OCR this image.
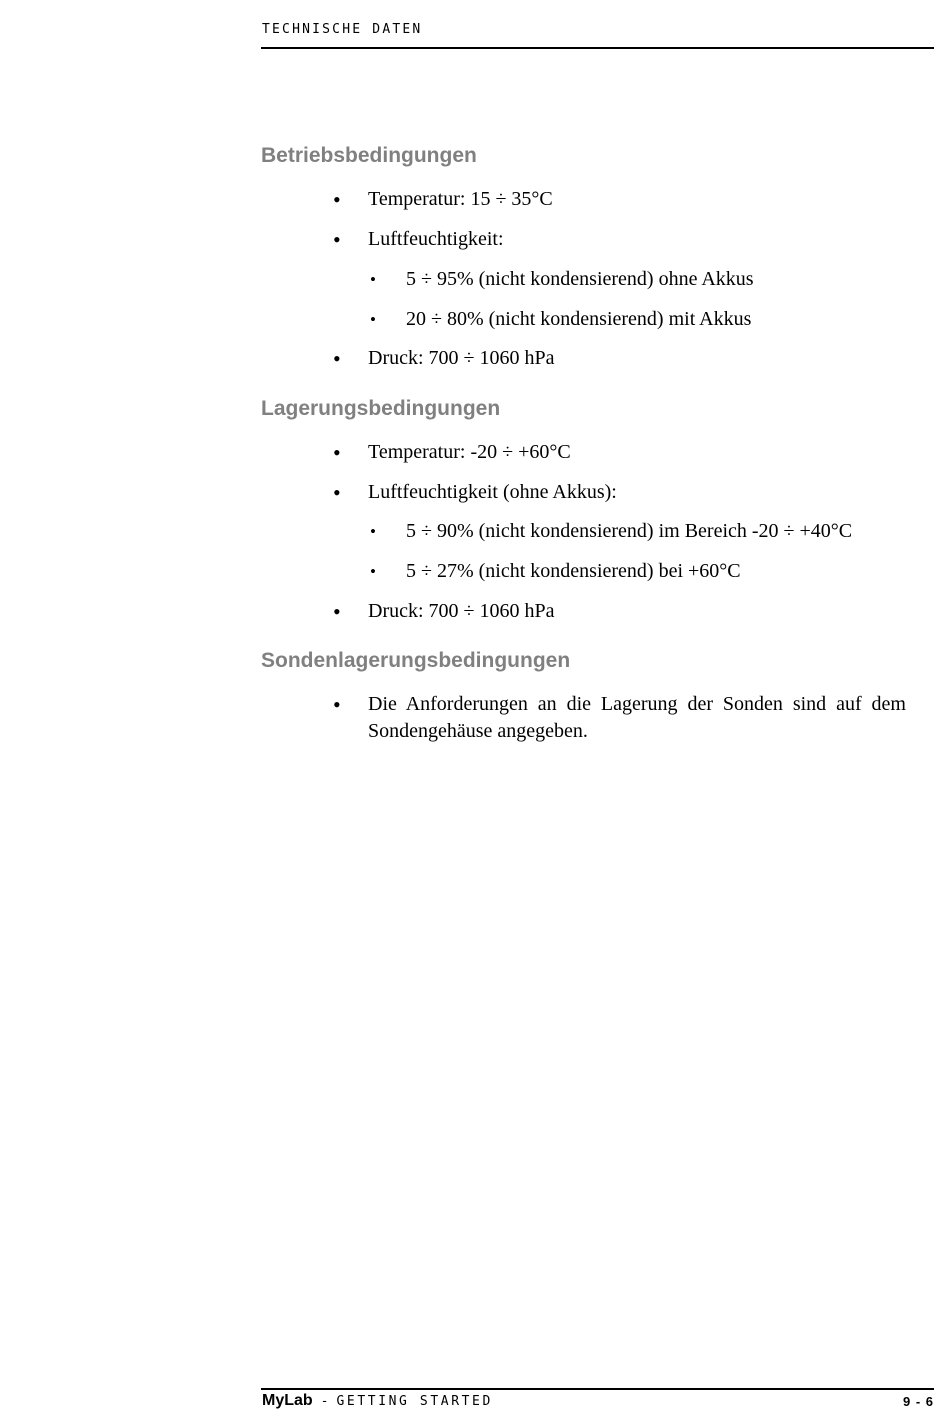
TECHNISCHE DATEN
Betriebsbedingungen
• Temperatur: 15 ÷ 35°C
• Luftfeuchtigkeit:
• 5 ÷ 95% (nicht kondensierend) ohne Akkus
• 20 ÷ 80% (nicht kondensierend) mit Akkus
• Druck: 700 ÷ 1060 hPa
Lagerungsbedingungen
• Temperatur: -20 ÷ +60°C
• Luftfeuchtigkeit (ohne Akkus):
• 5 ÷ 90% (nicht kondensierend) im Bereich -20 ÷ +40°C
• 5 ÷ 27% (nicht kondensierend) bei +60°C
• Druck: 700 ÷ 1060 hPa
Sondenlagerungsbedingungen
• Die Anforderungen an die Lagerung der Sonden sind auf dem Sondengehäuse angegeben.
MyLab - GETTING STARTED	9 - 6
